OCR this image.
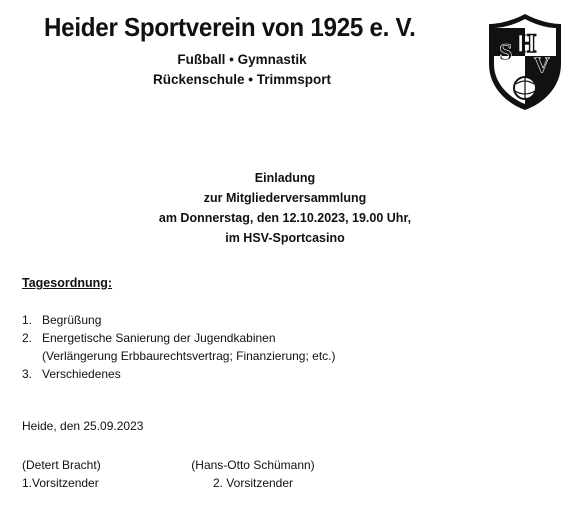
Heider Sportverein von 1925 e. V.
Fußball • Gymnastik
Rückenschule • Trimmsport
S H
V
Einladung
zur Mitgliederversammlung
am Donnerstag, den 12.10.2023, 19.00 Uhr,
im HSV-Sportcasino
Tagesordnung:
1. Begrüßung
2. Energetische Sanierung der Jugendkabinen
(Verlängerung Erbbaurechtsvertrag; Finanzierung; etc.)
3. Verschiedenes
Heide, den 25.09.2023
(Detert Bracht)
1.Vorsitzender
(Hans-Otto Schümann)
2. Vorsitzender
